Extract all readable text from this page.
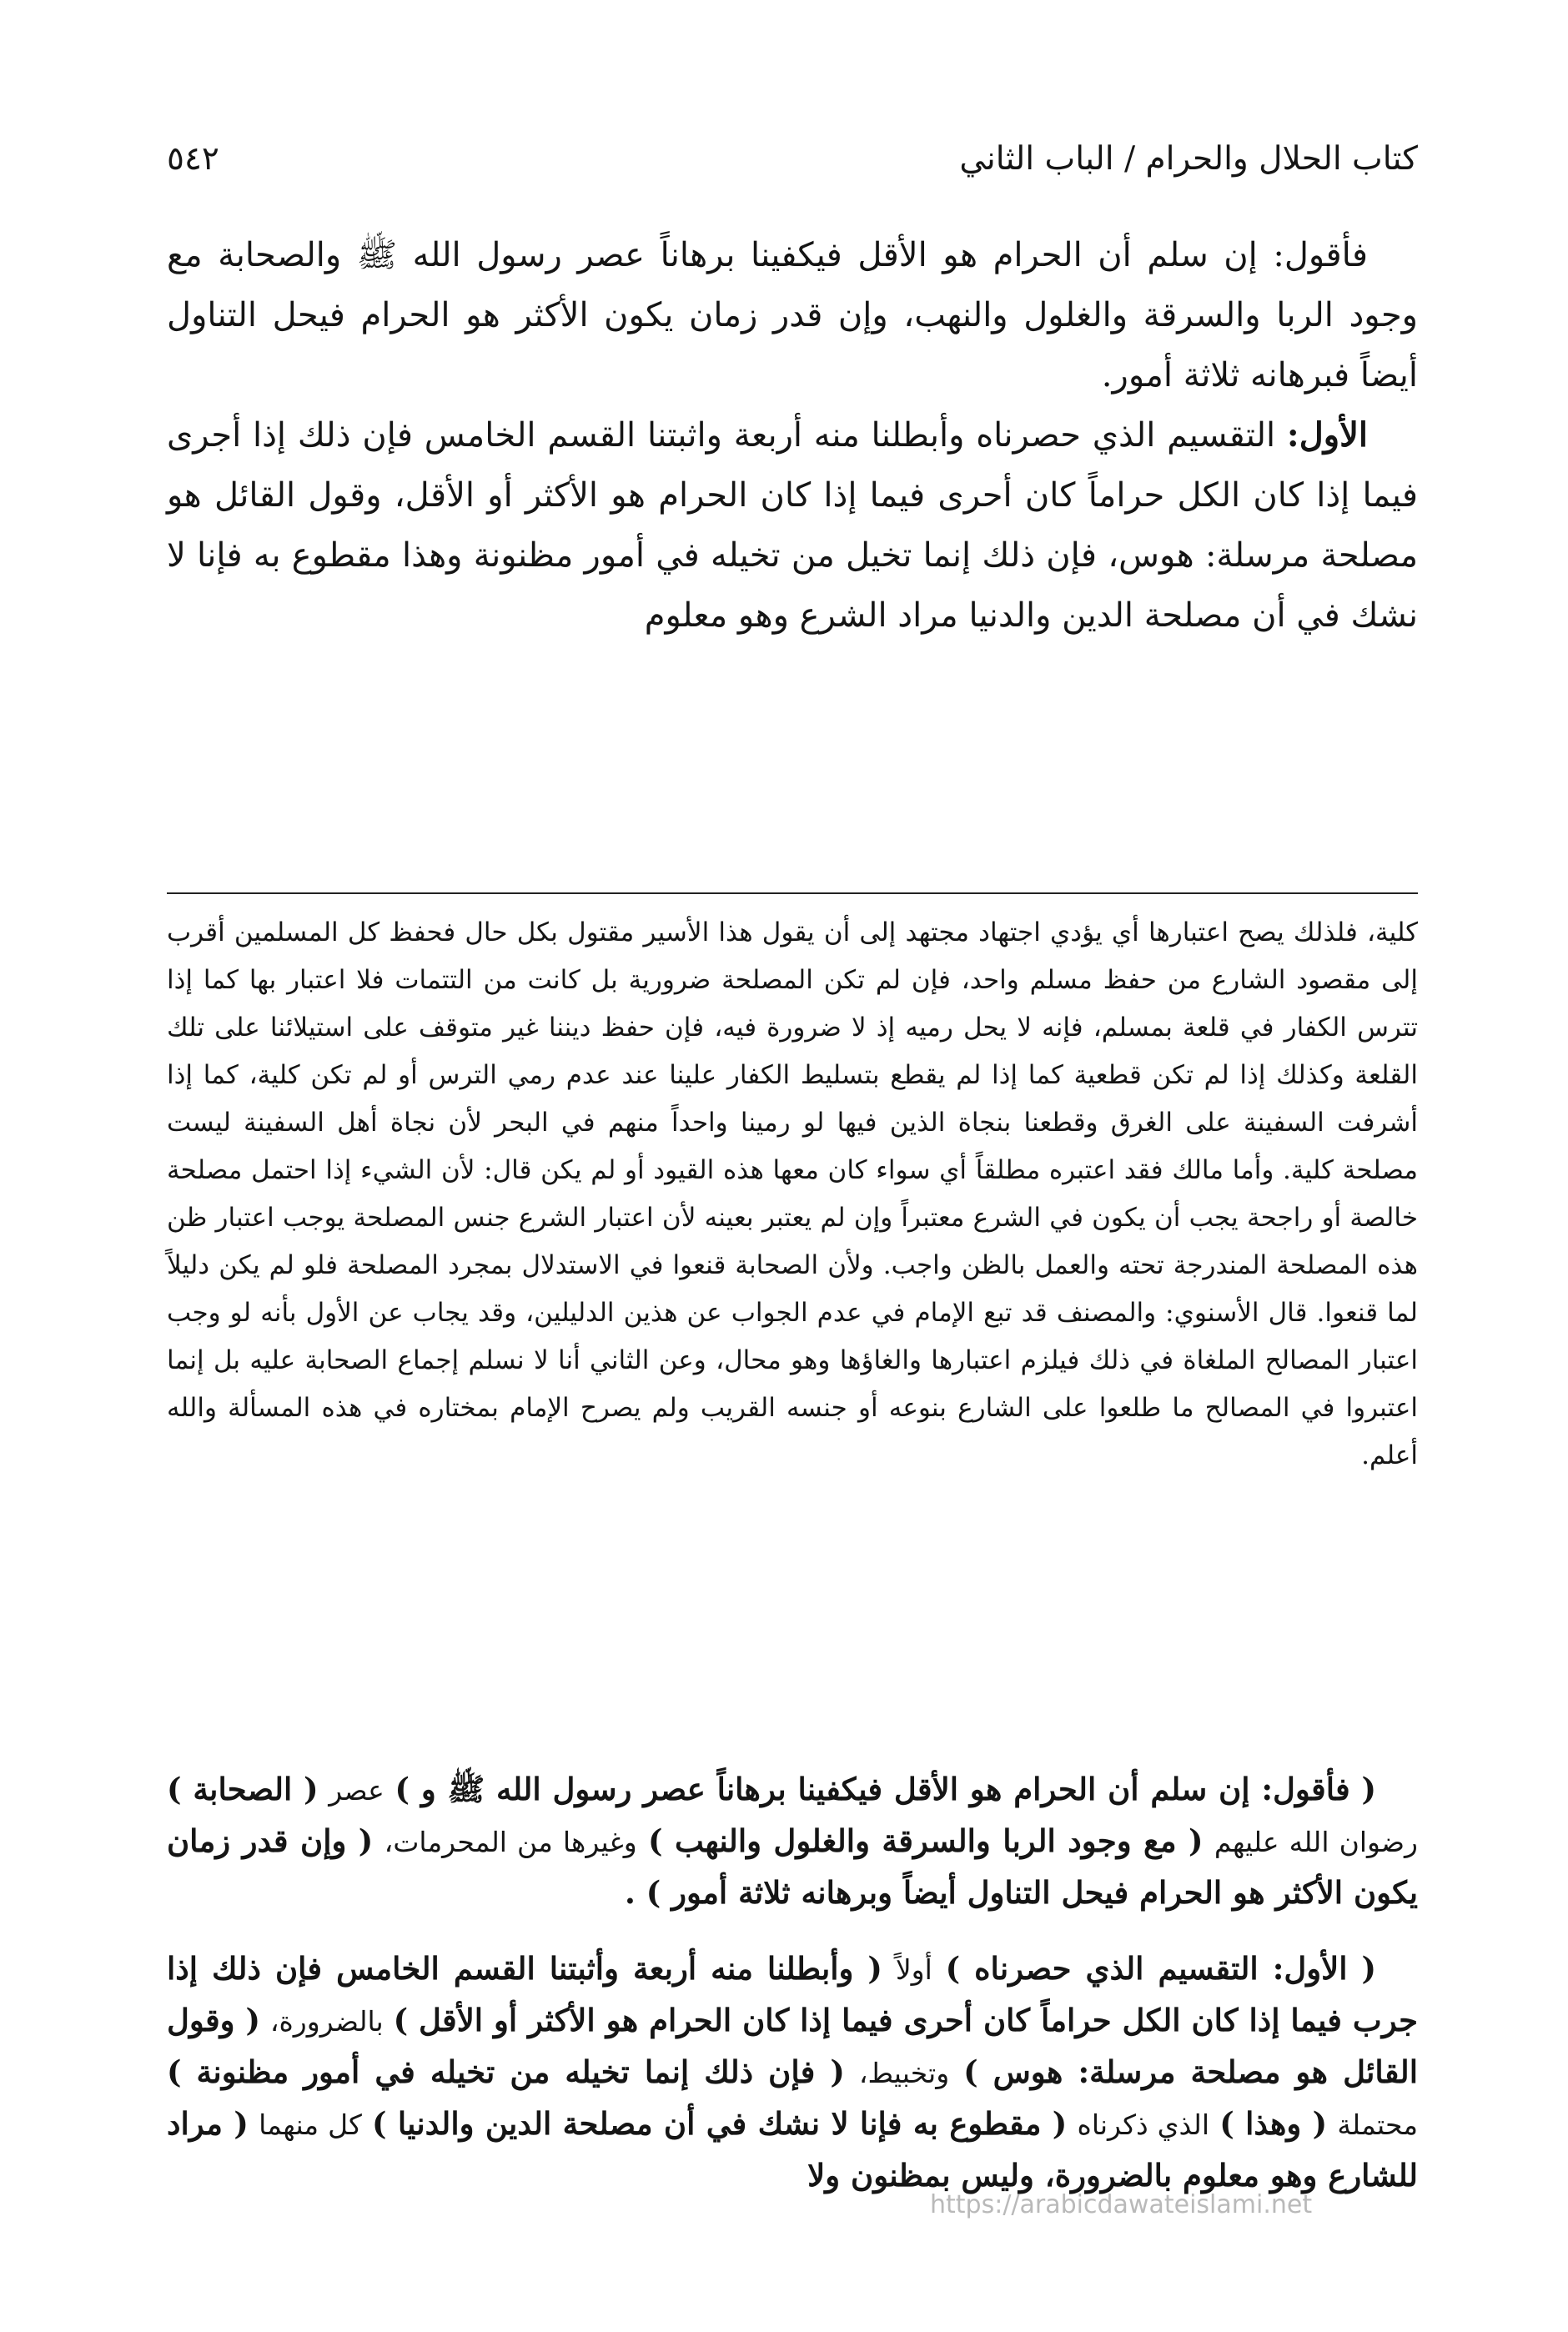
كتاب الحلال والحرام / الباب الثاني
٥٤٢

فأقول: إن سلم أن الحرام هو الأقل فيكفينا برهاناً عصر رسول الله ﷺ والصحابة مع وجود الربا والسرقة والغلول والنهب، وإن قدر زمان يكون الأكثر هو الحرام فيحل التناول أيضاً فبرهانه ثلاثة أمور.

الأول: التقسيم الذي حصرناه وأبطلنا منه أربعة واثبتنا القسم الخامس فإن ذلك إذا أجرى فيما إذا كان الكل حراماً كان أحرى فيما إذا كان الحرام هو الأكثر أو الأقل، وقول القائل هو مصلحة مرسلة: هوس، فإن ذلك إنما تخيل من تخيله في أمور مظنونة وهذا مقطوع به فإنا لا نشك في أن مصلحة الدين والدنيا مراد الشرع وهو معلوم

كلية، فلذلك يصح اعتبارها أي يؤدي اجتهاد مجتهد إلى أن يقول هذا الأسير مقتول بكل حال فحفظ كل المسلمين أقرب إلى مقصود الشارع من حفظ مسلم واحد، فإن لم تكن المصلحة ضرورية بل كانت من التتمات فلا اعتبار بها كما إذا تترس الكفار في قلعة بمسلم، فإنه لا يحل رميه إذ لا ضرورة فيه، فإن حفظ ديننا غير متوقف على استيلائنا على تلك القلعة وكذلك إذا لم تكن قطعية كما إذا لم يقطع بتسليط الكفار علينا عند عدم رمي الترس أو لم تكن كلية، كما إذا أشرفت السفينة على الغرق وقطعنا بنجاة الذين فيها لو رمينا واحداً منهم في البحر لأن نجاة أهل السفينة ليست مصلحة كلية. وأما مالك فقد اعتبره مطلقاً أي سواء كان معها هذه القيود أو لم يكن قال: لأن الشيء إذا احتمل مصلحة خالصة أو راجحة يجب أن يكون في الشرع معتبراً وإن لم يعتبر بعينه لأن اعتبار الشرع جنس المصلحة يوجب اعتبار ظن هذه المصلحة المندرجة تحته والعمل بالظن واجب. ولأن الصحابة قنعوا في الاستدلال بمجرد المصلحة فلو لم يكن دليلاً لما قنعوا. قال الأسنوي: والمصنف قد تبع الإمام في عدم الجواب عن هذين الدليلين، وقد يجاب عن الأول بأنه لو وجب اعتبار المصالح الملغاة في ذلك فيلزم اعتبارها والغاؤها وهو محال، وعن الثاني أنا لا نسلم إجماع الصحابة عليه بل إنما اعتبروا في المصالح ما طلعوا على الشارع بنوعه أو جنسه القريب ولم يصرح الإمام بمختاره في هذه المسألة والله أعلم.

( فأقول: إن سلم أن الحرام هو الأقل فيكفينا برهاناً عصر رسول الله ﷺ و ) عصر ( الصحابة ) رضوان الله عليهم ( مع وجود الربا والسرقة والغلول والنهب ) وغيرها من المحرمات، ( وإن قدر زمان يكون الأكثر هو الحرام فيحل التناول أيضاً وبرهانه ثلاثة أمور ) .

( الأول: التقسيم الذي حصرناه ) أولاً ( وأبطلنا منه أربعة وأثبتنا القسم الخامس فإن ذلك إذا جرب فيما إذا كان الكل حراماً كان أحرى فيما إذا كان الحرام هو الأكثر أو الأقل ) بالضرورة، ( وقول القائل هو مصلحة مرسلة: هوس ) وتخبيط، ( فإن ذلك إنما تخيله من تخيله في أمور مظنونة ) محتملة ( وهذا ) الذي ذكرناه ( مقطوع به فإنا لا نشك في أن مصلحة الدين والدنيا ) كل منهما ( مراد للشارع وهو معلوم بالضرورة، وليس بمظنون ولا

https://arabicdawateislami.net
